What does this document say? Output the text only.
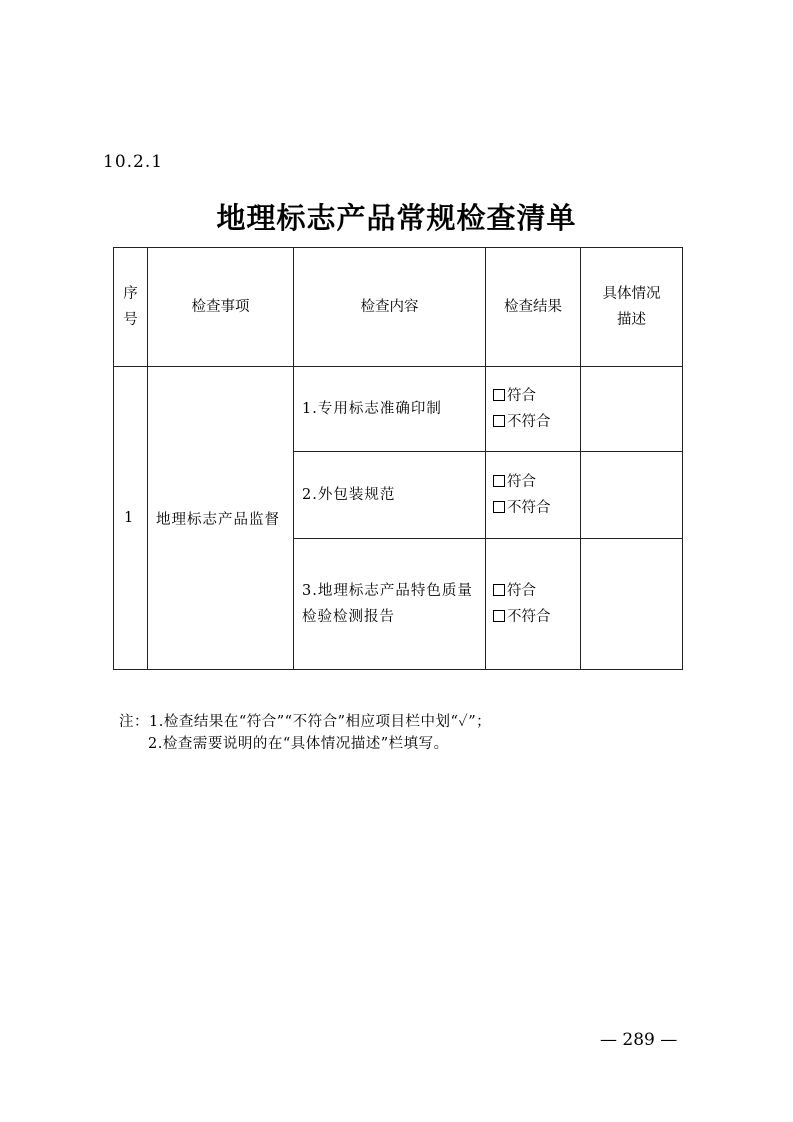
10.2.1
地理标志产品常规检查清单
序号	检查事项	检查内容	检查结果	具体情况描述

1	地理标志产品监督	1.专用标志准确印制	符合
不符合	

		2.外包装规范	符合
不符合	

		3.地理标志产品特色质量检验检测报告	符合
不符合	

注：1.检查结果在“符合”“不符合”相应项目栏中划“✓”；
2.检查需要说明的在“具体情况描述”栏填写。
— 289 —
